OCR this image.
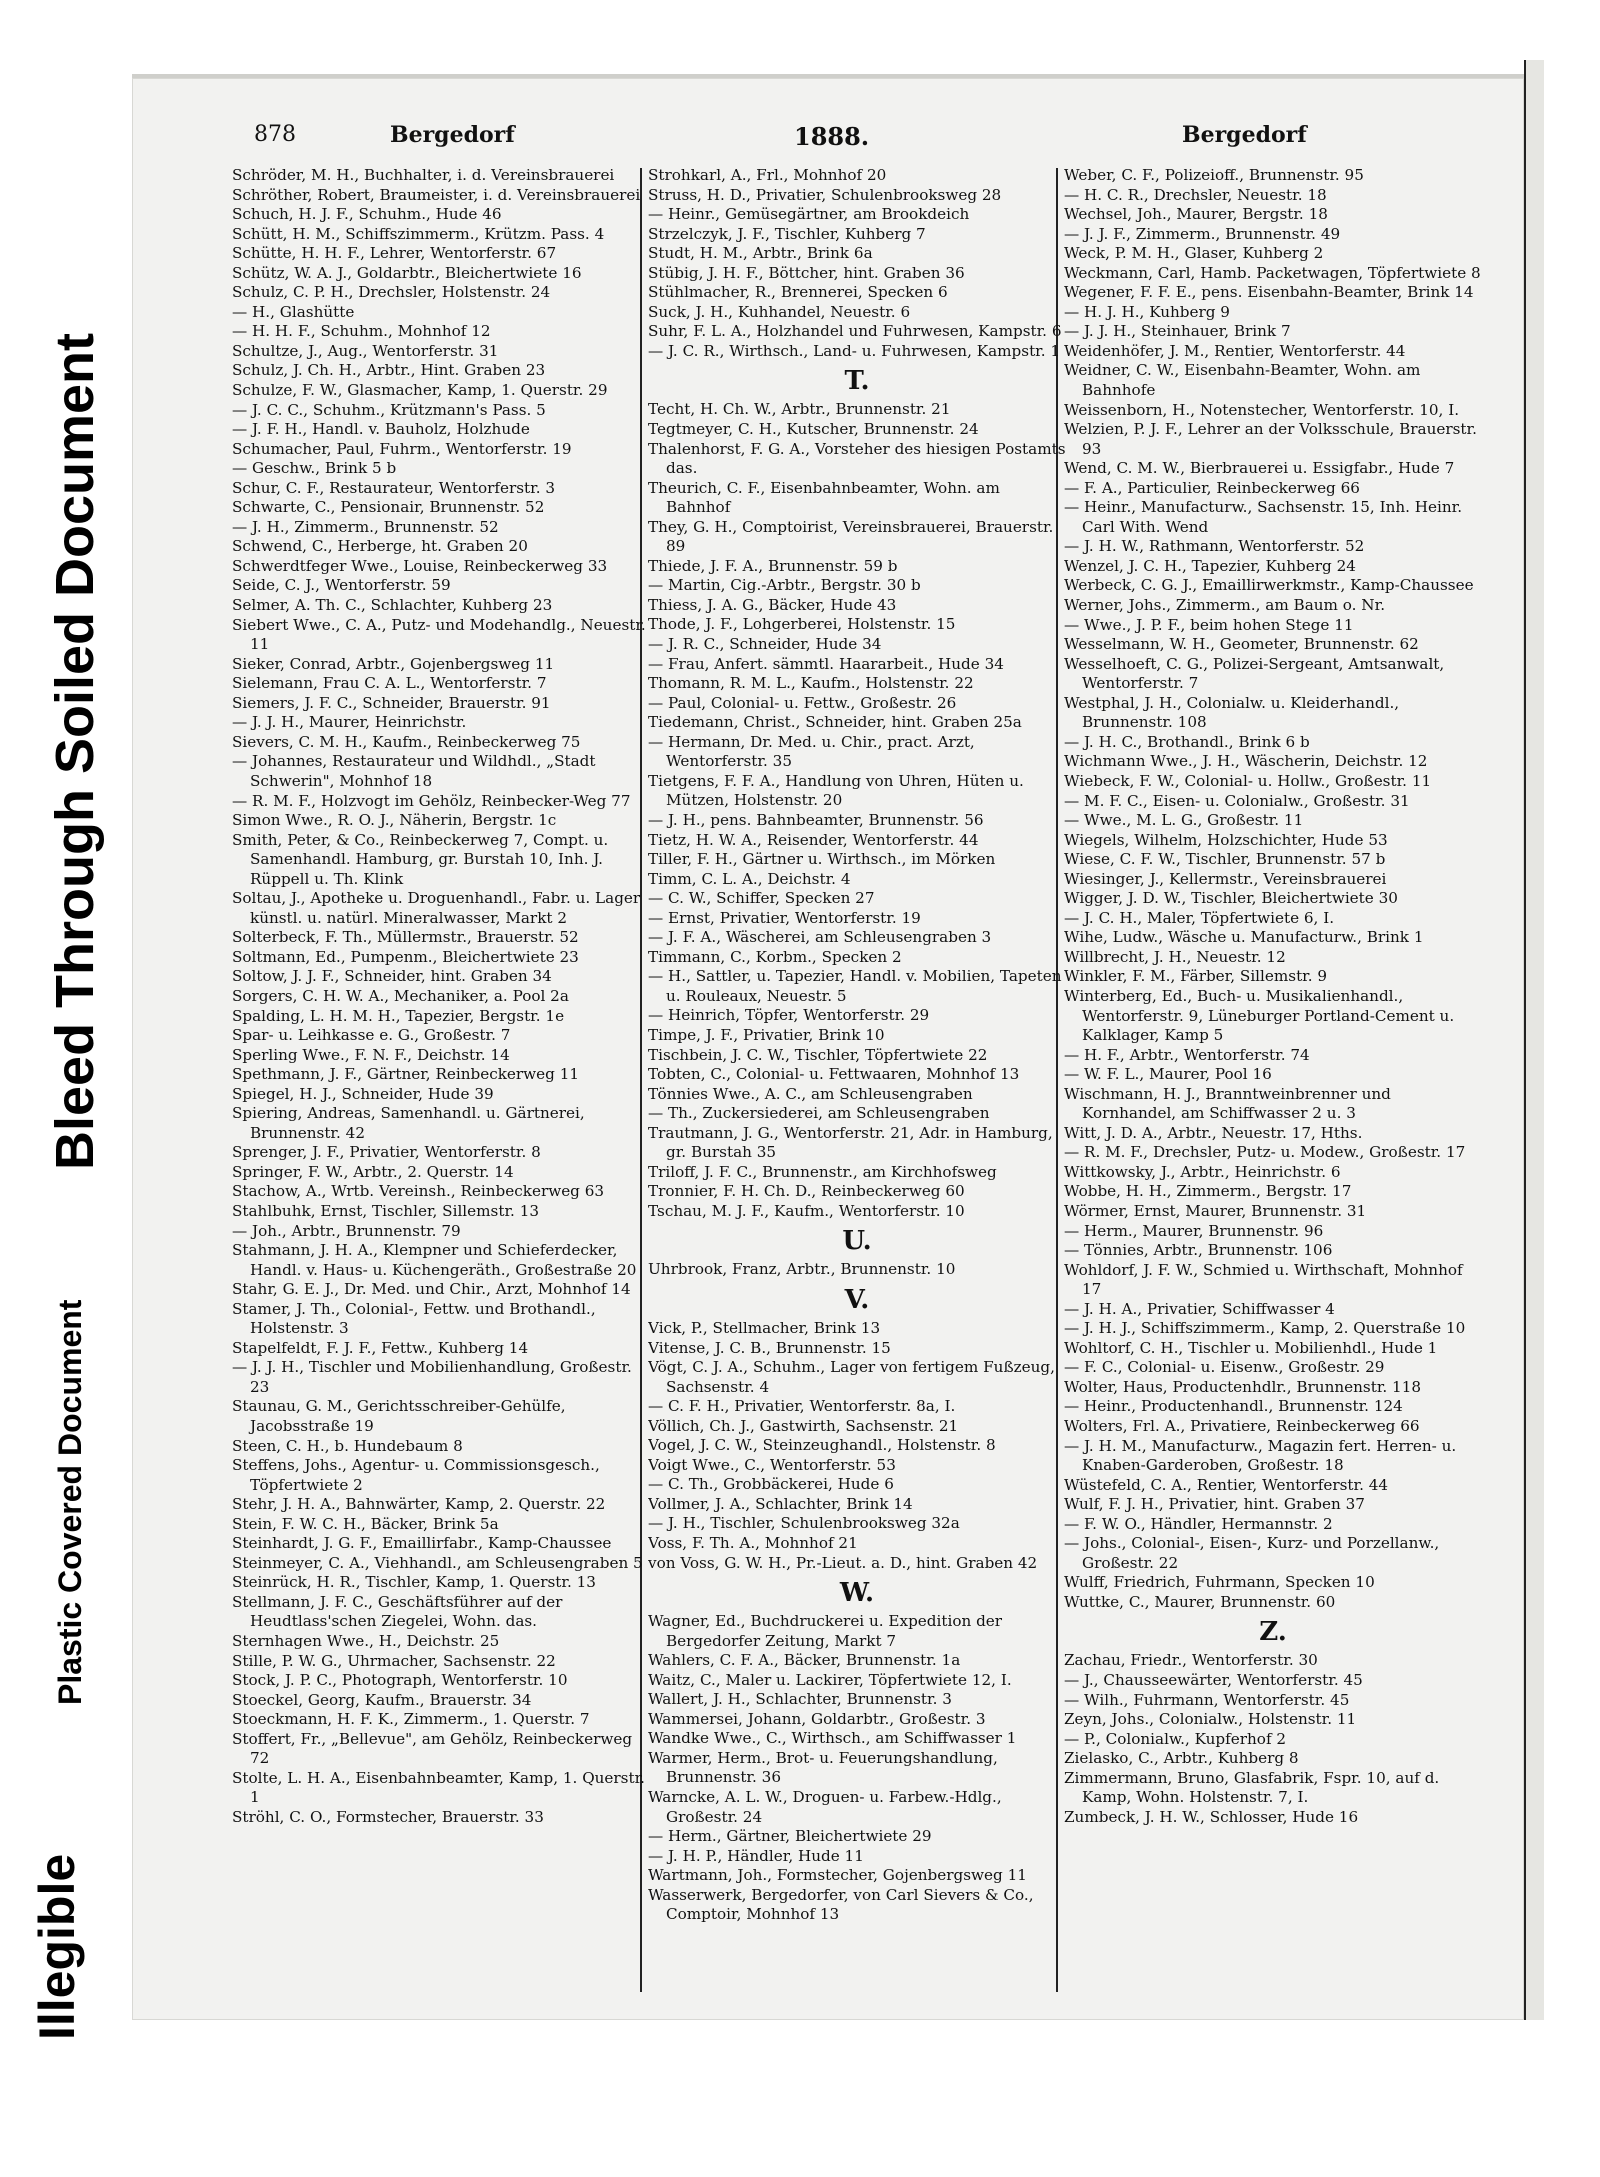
Illegible
Plastic Covered Document
Bleed Through Soiled Document
878	Bergedorf	1888.	Bergedorf
Schröder, M. H., Buchhalter, i. d. Vereinsbrauerei
Schröther, Robert, Braumeister, i. d. Vereinsbrauerei
Schuch, H. J. F., Schuhm., Hude 46
Schütt, H. M., Schiffszimmerm., Krützm. Pass. 4
Schütte, H. H. F., Lehrer, Wentorferstr. 67
Schütz, W. A. J., Goldarbtr., Bleichertwiete 16
Schulz, C. P. H., Drechsler, Holstenstr. 24
— H., Glashütte
— H. H. F., Schuhm., Mohnhof 12
Schultze, J., Aug., Wentorferstr. 31
Schulz, J. Ch. H., Arbtr., Hint. Graben 23
Schulze, F. W., Glasmacher, Kamp, 1. Querstr. 29
— J. C. C., Schuhm., Krützmann's Pass. 5
— J. F. H., Handl. v. Bauholz, Holzhude
Schumacher, Paul, Fuhrm., Wentorferstr. 19
— Geschw., Brink 5 b
Schur, C. F., Restaurateur, Wentorferstr. 3
Schwarte, C., Pensionair, Brunnenstr. 52
— J. H., Zimmerm., Brunnenstr. 52
Schwend, C., Herberge, ht. Graben 20
Schwerdtfeger Wwe., Louise, Reinbeckerweg 33
Seide, C. J., Wentorferstr. 59
Selmer, A. Th. C., Schlachter, Kuhberg 23
Siebert Wwe., C. A., Putz- und Modehandlg., Neuestr. 11
Sieker, Conrad, Arbtr., Gojenbergsweg 11
Sielemann, Frau C. A. L., Wentorferstr. 7
Siemers, J. F. C., Schneider, Brauerstr. 91
— J. J. H., Maurer, Heinrichstr.
Sievers, C. M. H., Kaufm., Reinbeckerweg 75
— Johannes, Restaurateur und Wildhdl., „Stadt Schwerin", Mohnhof 18
— R. M. F., Holzvogt im Gehölz, Reinbecker-Weg 77
Simon Wwe., R. O. J., Näherin, Bergstr. 1c
Smith, Peter, & Co., Reinbeckerweg 7, Compt. u. Samenhandl. Hamburg, gr. Burstah 10, Inh. J. Rüppell u. Th. Klink
Soltau, J., Apotheke u. Droguenhandl., Fabr. u. Lager künstl. u. natürl. Mineralwasser, Markt 2
Solterbeck, F. Th., Müllermstr., Brauerstr. 52
Soltmann, Ed., Pumpenm., Bleichertwiete 23
Soltow, J. J. F., Schneider, hint. Graben 34
Sorgers, C. H. W. A., Mechaniker, a. Pool 2a
Spalding, L. H. M. H., Tapezier, Bergstr. 1e
Spar- u. Leihkasse e. G., Großestr. 7
Sperling Wwe., F. N. F., Deichstr. 14
Spethmann, J. F., Gärtner, Reinbeckerweg 11
Spiegel, H. J., Schneider, Hude 39
Spiering, Andreas, Samenhandl. u. Gärtnerei, Brunnenstr. 42
Sprenger, J. F., Privatier, Wentorferstr. 8
Springer, F. W., Arbtr., 2. Querstr. 14
Stachow, A., Wrtb. Vereinsh., Reinbeckerweg 63
Stahlbuhk, Ernst, Tischler, Sillemstr. 13
— Joh., Arbtr., Brunnenstr. 79
Stahmann, J. H. A., Klempner und Schieferdecker, Handl. v. Haus- u. Küchengeräth., Großestraße 20
Stahr, G. E. J., Dr. Med. und Chir., Arzt, Mohnhof 14
Stamer, J. Th., Colonial-, Fettw. und Brothandl., Holstenstr. 3
Stapelfeldt, F. J. F., Fettw., Kuhberg 14
— J. J. H., Tischler und Mobilienhandlung, Großestr. 23
Staunau, G. M., Gerichtsschreiber-Gehülfe, Jacobsstraße 19
Steen, C. H., b. Hundebaum 8
Steffens, Johs., Agentur- u. Commissionsgesch., Töpfertwiete 2
Stehr, J. H. A., Bahnwärter, Kamp, 2. Querstr. 22
Stein, F. W. C. H., Bäcker, Brink 5a
Steinhardt, J. G. F., Emaillirfabr., Kamp-Chaussee
Steinmeyer, C. A., Viehhandl., am Schleusengraben 5
Steinrück, H. R., Tischler, Kamp, 1. Querstr. 13
Stellmann, J. F. C., Geschäftsführer auf der Heudtlass'schen Ziegelei, Wohn. das.
Sternhagen Wwe., H., Deichstr. 25
Stille, P. W. G., Uhrmacher, Sachsenstr. 22
Stock, J. P. C., Photograph, Wentorferstr. 10
Stoeckel, Georg, Kaufm., Brauerstr. 34
Stoeckmann, H. F. K., Zimmerm., 1. Querstr. 7
Stoffert, Fr., „Bellevue", am Gehölz, Reinbeckerweg 72
Stolte, L. H. A., Eisenbahnbeamter, Kamp, 1. Querstr. 1
Ströhl, C. O., Formstecher, Brauerstr. 33
Strohkarl, A., Frl., Mohnhof 20
Struss, H. D., Privatier, Schulenbrooksweg 28
— Heinr., Gemüsegärtner, am Brookdeich
Strzelczyk, J. F., Tischler, Kuhberg 7
Studt, H. M., Arbtr., Brink 6a
Stübig, J. H. F., Böttcher, hint. Graben 36
Stühlmacher, R., Brennerei, Specken 6
Suck, J. H., Kuhhandel, Neuestr. 6
Suhr, F. L. A., Holzhandel und Fuhrwesen, Kampstr. 6
— J. C. R., Wirthsch., Land- u. Fuhrwesen, Kampstr. 1
T.
Techt, H. Ch. W., Arbtr., Brunnenstr. 21
Tegtmeyer, C. H., Kutscher, Brunnenstr. 24
Thalenhorst, F. G. A., Vorsteher des hiesigen Postamts das.
Theurich, C. F., Eisenbahnbeamter, Wohn. am Bahnhof
They, G. H., Comptoirist, Vereinsbrauerei, Brauerstr. 89
Thiede, J. F. A., Brunnenstr. 59 b
— Martin, Cig.-Arbtr., Bergstr. 30 b
Thiess, J. A. G., Bäcker, Hude 43
Thode, J. F., Lohgerberei, Holstenstr. 15
— J. R. C., Schneider, Hude 34
— Frau, Anfert. sämmtl. Haararbeit., Hude 34
Thomann, R. M. L., Kaufm., Holstenstr. 22
— Paul, Colonial- u. Fettw., Großestr. 26
Tiedemann, Christ., Schneider, hint. Graben 25a
— Hermann, Dr. Med. u. Chir., pract. Arzt, Wentorferstr. 35
Tietgens, F. F. A., Handlung von Uhren, Hüten u. Mützen, Holstenstr. 20
— J. H., pens. Bahnbeamter, Brunnenstr. 56
Tietz, H. W. A., Reisender, Wentorferstr. 44
Tiller, F. H., Gärtner u. Wirthsch., im Mörken
Timm, C. L. A., Deichstr. 4
— C. W., Schiffer, Specken 27
— Ernst, Privatier, Wentorferstr. 19
— J. F. A., Wäscherei, am Schleusengraben 3
Timmann, C., Korbm., Specken 2
— H., Sattler, u. Tapezier, Handl. v. Mobilien, Tapeten u. Rouleaux, Neuestr. 5
— Heinrich, Töpfer, Wentorferstr. 29
Timpe, J. F., Privatier, Brink 10
Tischbein, J. C. W., Tischler, Töpfertwiete 22
Tobten, C., Colonial- u. Fettwaaren, Mohnhof 13
Tönnies Wwe., A. C., am Schleusengraben
— Th., Zuckersiederei, am Schleusengraben
Trautmann, J. G., Wentorferstr. 21, Adr. in Hamburg, gr. Burstah 35
Triloff, J. F. C., Brunnenstr., am Kirchhofsweg
Tronnier, F. H. Ch. D., Reinbeckerweg 60
Tschau, M. J. F., Kaufm., Wentorferstr. 10
U.
Uhrbrook, Franz, Arbtr., Brunnenstr. 10
V.
Vick, P., Stellmacher, Brink 13
Vitense, J. C. B., Brunnenstr. 15
Vögt, C. J. A., Schuhm., Lager von fertigem Fußzeug, Sachsenstr. 4
— C. F. H., Privatier, Wentorferstr. 8a, I.
Völlich, Ch. J., Gastwirth, Sachsenstr. 21
Vogel, J. C. W., Steinzeughandl., Holstenstr. 8
Voigt Wwe., C., Wentorferstr. 53
— C. Th., Grobbäckerei, Hude 6
Vollmer, J. A., Schlachter, Brink 14
— J. H., Tischler, Schulenbrooksweg 32a
Voss, F. Th. A., Mohnhof 21
von Voss, G. W. H., Pr.-Lieut. a. D., hint. Graben 42
W.
Wagner, Ed., Buchdruckerei u. Expedition der Bergedorfer Zeitung, Markt 7
Wahlers, C. F. A., Bäcker, Brunnenstr. 1a
Waitz, C., Maler u. Lackirer, Töpfertwiete 12, I.
Wallert, J. H., Schlachter, Brunnenstr. 3
Wammersei, Johann, Goldarbtr., Großestr. 3
Wandke Wwe., C., Wirthsch., am Schiffwasser 1
Warmer, Herm., Brot- u. Feuerungshandlung, Brunnenstr. 36
Warncke, A. L. W., Droguen- u. Farbew.-Hdlg., Großestr. 24
— Herm., Gärtner, Bleichertwiete 29
— J. H. P., Händler, Hude 11
Wartmann, Joh., Formstecher, Gojenbergsweg 11
Wasserwerk, Bergedorfer, von Carl Sievers & Co., Comptoir, Mohnhof 13
Weber, C. F., Polizeioff., Brunnenstr. 95
— H. C. R., Drechsler, Neuestr. 18
Wechsel, Joh., Maurer, Bergstr. 18
— J. J. F., Zimmerm., Brunnenstr. 49
Weck, P. M. H., Glaser, Kuhberg 2
Weckmann, Carl, Hamb. Packetwagen, Töpfertwiete 8
Wegener, F. F. E., pens. Eisenbahn-Beamter, Brink 14
— H. J. H., Kuhberg 9
— J. J. H., Steinhauer, Brink 7
Weidenhöfer, J. M., Rentier, Wentorferstr. 44
Weidner, C. W., Eisenbahn-Beamter, Wohn. am Bahnhofe
Weissenborn, H., Notenstecher, Wentorferstr. 10, I.
Welzien, P. J. F., Lehrer an der Volksschule, Brauerstr. 93
Wend, C. M. W., Bierbrauerei u. Essigfabr., Hude 7
— F. A., Particulier, Reinbeckerweg 66
— Heinr., Manufacturw., Sachsenstr. 15, Inh. Heinr. Carl With. Wend
— J. H. W., Rathmann, Wentorferstr. 52
Wenzel, J. C. H., Tapezier, Kuhberg 24
Werbeck, C. G. J., Emaillirwerkmstr., Kamp-Chaussee
Werner, Johs., Zimmerm., am Baum o. Nr.
— Wwe., J. P. F., beim hohen Stege 11
Wesselmann, W. H., Geometer, Brunnenstr. 62
Wesselhoeft, C. G., Polizei-Sergeant, Amtsanwalt, Wentorferstr. 7
Westphal, J. H., Colonialw. u. Kleiderhandl., Brunnenstr. 108
— J. H. C., Brothandl., Brink 6 b
Wichmann Wwe., J. H., Wäscherin, Deichstr. 12
Wiebeck, F. W., Colonial- u. Hollw., Großestr. 11
— M. F. C., Eisen- u. Colonialw., Großestr. 31
— Wwe., M. L. G., Großestr. 11
Wiegels, Wilhelm, Holzschichter, Hude 53
Wiese, C. F. W., Tischler, Brunnenstr. 57 b
Wiesinger, J., Kellermstr., Vereinsbrauerei
Wigger, J. D. W., Tischler, Bleichertwiete 30
— J. C. H., Maler, Töpfertwiete 6, I.
Wihe, Ludw., Wäsche u. Manufacturw., Brink 1
Willbrecht, J. H., Neuestr. 12
Winkler, F. M., Färber, Sillemstr. 9
Winterberg, Ed., Buch- u. Musikalienhandl., Wentorferstr. 9, Lüneburger Portland-Cement u. Kalklager, Kamp 5
— H. F., Arbtr., Wentorferstr. 74
— W. F. L., Maurer, Pool 16
Wischmann, H. J., Branntweinbrenner und Kornhandel, am Schiffwasser 2 u. 3
Witt, J. D. A., Arbtr., Neuestr. 17, Hths.
— R. M. F., Drechsler, Putz- u. Modew., Großestr. 17
Wittkowsky, J., Arbtr., Heinrichstr. 6
Wobbe, H. H., Zimmerm., Bergstr. 17
Wörmer, Ernst, Maurer, Brunnenstr. 31
— Herm., Maurer, Brunnenstr. 96
— Tönnies, Arbtr., Brunnenstr. 106
Wohldorf, J. F. W., Schmied u. Wirthschaft, Mohnhof 17
— J. H. A., Privatier, Schiffwasser 4
— J. H. J., Schiffszimmerm., Kamp, 2. Querstraße 10
Wohltorf, C. H., Tischler u. Mobilienhdl., Hude 1
— F. C., Colonial- u. Eisenw., Großestr. 29
Wolter, Haus, Productenhdlr., Brunnenstr. 118
— Heinr., Productenhandl., Brunnenstr. 124
Wolters, Frl. A., Privatiere, Reinbeckerweg 66
— J. H. M., Manufacturw., Magazin fert. Herren- u. Knaben-Garderoben, Großestr. 18
Wüstefeld, C. A., Rentier, Wentorferstr. 44
Wulf, F. J. H., Privatier, hint. Graben 37
— F. W. O., Händler, Hermannstr. 2
— Johs., Colonial-, Eisen-, Kurz- und Porzellanw., Großestr. 22
Wulff, Friedrich, Fuhrmann, Specken 10
Wuttke, C., Maurer, Brunnenstr. 60
Z.
Zachau, Friedr., Wentorferstr. 30
— J., Chausseewärter, Wentorferstr. 45
— Wilh., Fuhrmann, Wentorferstr. 45
Zeyn, Johs., Colonialw., Holstenstr. 11
— P., Colonialw., Kupferhof 2
Zielasko, C., Arbtr., Kuhberg 8
Zimmermann, Bruno, Glasfabrik, Fspr. 10, auf d. Kamp, Wohn. Holstenstr. 7, I.
Zumbeck, J. H. W., Schlosser, Hude 16
